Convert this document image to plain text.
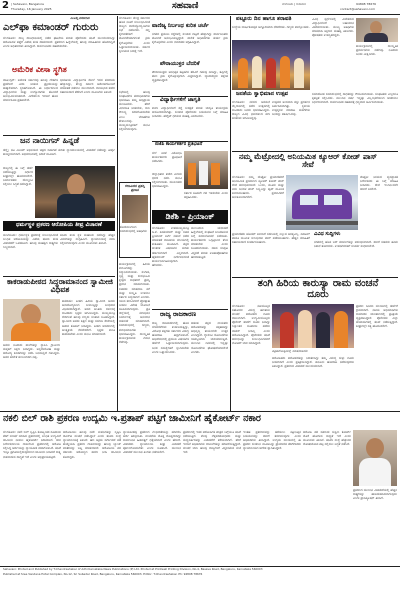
2 | Sahavani, Bangalore
Thursday, 16 January 2025	ಸಹವಾಣಿ	ಬೆಂಗಳೂರು | ಗುರುವಾರ	94808 78676
contact@sahavani.com
ಎಂಎಲ್ಸಿ ವರದಿಗಾರ
ಎಲ್‌ಫಾ ಕಮಾಂಡರ್ ಗುರುರು
ಬೆಂಗಳೂರು: ರಾಜ್ಯ ರಾಜಧಾನಿಯಲ್ಲಿ ನಡೆದ ಘಟನೆಯ ಕುರಿತು ಪೊಲೀಸರು ತನಿಖೆ ಮುಂದುವರಿಸಿದ್ದು ಆರೋಪಿಗಳ ಪತ್ತೆಗೆ ವಿಶೇಷ ತಂಡ ರಚಿಸಲಾಗಿದೆ. ಪ್ರಕರಣದ ಹಿನ್ನೆಲೆಯಲ್ಲಿ ಹಲವು ಮಾಹಿತಿಗಳು ಹೊರಬಿದ್ದಿವೆ ಎಂದು ಅಧಿಕಾರಿಗಳು ತಿಳಿಸಿದ್ದಾರೆ. ಸಾರ್ವಜನಿಕರು ಸಹಕರಿಸಬೇಕು.
ಅಮೆರಿಕ ವೀಸಾ ಸ್ಥಗಿತ
ವಾಷಿಂಗ್ಟನ್: ಅಮೆರಿಕ ಸರ್ಕಾರವು ಹಲವು ದೇಶಗಳ ಪ್ರಜೆಗಳಿಗೆ ವೀಸಾ ನೀಡುವ ಪ್ರಕ್ರಿಯೆಯನ್ನು ತಾತ್ಕಾಲಿಕವಾಗಿ ಸ್ಥಗಿತಗೊಳಿಸಿದೆ. ಈ ನಿರ್ಧಾರದಿಂದ ವಿದ್ಯಾರ್ಥಿಗಳು ಮತ್ತು ಉದ್ಯೋಗಿಗಳು ತೊಂದರೆ ಅನುಭವಿಸುವಂತಾಗಿದೆ. ವಿದೇಶಾಂಗ ಇಲಾಖೆ ಹೊಸ ಮಾರ್ಗಸೂಚಿ ಪ್ರಕಟಿಸಲಿದೆ.
ಭಾರತೀಯ ವಿದ್ಯಾರ್ಥಿಗಳ ಮೇಲೆ ಇದರ ಪರಿಣಾಮ ಹೆಚ್ಚಾಗಿದ್ದು, ಕೇಂದ್ರ ಸರ್ಕಾರ ಅಮೆರಿಕದೊಂದಿಗೆ ಮಾತುಕತೆ ನಡೆಸಲು ಮುಂದಾಗಿದೆ. ರಾಯಭಾರ ಕಚೇರಿ ಸಹಾಯವಾಣಿ ತೆರೆದಿದೆ ಎಂದು ಮೂಲಗಳು ತಿಳಿಸಿವೆ.
ಜನ ನಾಯಿಗನ್ ಹಿನ್ನಡೆ
ಚೆನ್ನೈ: ನಟ ವಿಜಯ್ ಅಭಿನಯದ ಚಿತ್ರದ ಬಿಡುಗಡೆ ಕುರಿತು ನ್ಯಾಯಾಲಯದಲ್ಲಿ ವಿಚಾರಣೆ ನಡೆದಿದ್ದು ತೀರ್ಪು ಕಾಯ್ದಿರಿಸಲಾಗಿದೆ. ಅಭಿಮಾನಿಗಳಲ್ಲಿ ನಿರಾಸೆ ಮೂಡಿದೆ.
ರಾಜ್ಯದಲ್ಲಿ ಈ ಬಗ್ಗೆ ಚರ್ಚೆ ನಡೆಯುತ್ತಿದ್ದು ನಿರ್ಧಾರ ಶೀಘ್ರದಲ್ಲೇ ಹೊರಬೀಳಲಿದೆ. ನಿರ್ಮಾಪಕರು ಮೇಲ್ಮನವಿ ಸಲ್ಲಿಸಲು ಸಿದ್ಧತೆ ನಡೆಸಿದ್ದಾರೆ.
ಧರ್ಮಸ್ಥಳ ಪ್ರಕರಣ ಆರೋಪಿಯ ತೀವ್ರ ವಿಚಾರಣೆ
ಮಂಗಳೂರು: ಧರ್ಮಸ್ಥಳ ಪ್ರಕರಣಕ್ಕೆ ಸಂಬಂಧಿಸಿದಂತೆ ಬಂಧಿತ ಆರೋಪಿಯನ್ನು ವಿಶೇಷ ತನಿಖಾ ತಂಡ ವಿಚಾರಣೆಗೆ ಒಳಪಡಿಸಿದೆ. ಹಲವು ಮಹತ್ವದ ಸಾಕ್ಷ್ಯಗಳು ಲಭ್ಯವಾಗಿವೆ.
ತನಿಖಾ ತಂಡ ಸ್ಥಳ ಮಹಜರು ನಡೆಸಿದ್ದು ಹೆಚ್ಚಿನ ವಿವರಗಳನ್ನು ಸಂಗ್ರಹಿಸಿದೆ. ನ್ಯಾಯಾಲಯಕ್ಕೆ ವರದಿ ಸಲ್ಲಿಸಲಾಗುವುದು ಎಂದು ಮೂಲಗಳು ತಿಳಿಸಿವೆ.
ಕಾಕರಾಡುಪೀಠದ ಸಿದ್ಧರಾಮಾನಂದ ಸ್ವಾಮೀಜಿ ವಿಧಿವಶ
ಕಾಕರಾಡು: ಪೀಠದ ಹಿರಿಯ ಸ್ವಾಮೀಜಿ ಅವರು ಅನಾರೋಗ್ಯದಿಂದ ಬಳಲುತ್ತಿದ್ದು ಬುಧವಾರ ವಿಧಿವಶರಾಗಿದ್ದಾರೆ. ಅವರ ಅಂತಿಮ ದರ್ಶನಕ್ಕೆ ಸಾವಿರಾರು ಭಕ್ತರು ಆಗಮಿಸಿದ್ದರು. ಮುಖ್ಯಮಂತ್ರಿ ಸೇರಿದಂತೆ ಹಲವು ಗಣ್ಯರು ಸಂತಾಪ ಸೂಚಿಸಿದ್ದಾರೆ. ಸ್ವಾಮೀಜಿ ಅವರು ಶಿಕ್ಷಣ ಮತ್ತು ಸಮಾಜ ಸೇವೆಯಲ್ಲಿ ಅಪಾರ ಕೊಡುಗೆ ನೀಡಿದ್ದರು. ಪೀಠದ ಆವರಣದಲ್ಲಿ ಅಂತ್ಯಕ್ರಿಯೆ ನೆರವೇರಲಿದೆ. ಭಕ್ತರು ಶಾಂತಿ ಕಾಪಾಡಬೇಕು ಎಂದು ಮನವಿ ಮಾಡಲಾಗಿದೆ.
ಅವರು ನೂರಾರು ಶಾಲೆಗಳನ್ನು ಸ್ಥಾಪಿಸಿ ಗ್ರಾಮೀಣ ಮಕ್ಕಳಿಗೆ ಶಿಕ್ಷಣ ನೀಡಿದ್ದರು. ಅನ್ನದಾಸೋಹ ಮತ್ತು ಆರೋಗ್ಯ ಶಿಬಿರಗಳನ್ನು ನಡೆಸಿ ಜನಮನ್ನಣೆ ಗಳಿಸಿದ್ದರು. ಅವರ ಅಗಲಿಕೆ ತುಂಬಲಾರದ ನಷ್ಟ.
ವಾಣಿಜ್ಯ ನಿರ್ಬಂಧ ಕುರಿತ ಚರ್ಚೆ
ಬೆಂಗಳೂರು: ಕೇಂದ್ರ ಸರ್ಕಾರದ ಹೊಸ ನೀತಿಗೆ ಸಂಬಂಧಿಸಿದಂತೆ ರಾಜ್ಯದ ವಾಣಿಜ್ಯೋದ್ಯಮಿಗಳು ಸಭೆ ನಡೆಸಿದರು. ಸಣ್ಣ ಕೈಗಾರಿಕೆಗಳಿಗೆ ತೊಂದರೆಯಾಗದಂತೆ ಕ್ರಮ ಕೈಗೊಳ್ಳಬೇಕು ಎಂದು ಒತ್ತಾಯಿಸಲಾಯಿತು. ಸರ್ಕಾರ ಸ್ಪಂದಿಸುವ ನಿರೀಕ್ಷೆ ಇದೆ.
ಸಭೆಯಲ್ಲಿ ಹಲವು ಸಂಘಟನೆಗಳ ಪದಾಧಿಕಾರಿಗಳು ಭಾಗವಹಿಸಿ ತಮ್ಮ ಅಭಿಪ್ರಾಯ ಮಂಡಿಸಿದರು. ತೆರಿಗೆ ವಿನಾಯಿತಿ ನೀಡಬೇಕು, ಸಾಲ ಸೌಲಭ್ಯ ಸರಳಗೊಳಿಸಬೇಕು ಎಂಬ ಬೇಡಿಕೆಗಳು ಕೇಳಿಬಂದವು. ಮುಖ್ಯಮಂತ್ರಿಗಳಿಗೆ ಮನವಿ ಸಲ್ಲಿಸಲಾಗುವುದು.
ಕಲಾವಿದರ ಪ್ರಶಸ್ತಿ ಪ್ರದಾನ
ಕೋರಮಂಗಲದ ಸಮಾರಂಭದಲ್ಲಿ ಅತಿಥಿಗಳು
ಕಾರ್ಯಕ್ರಮದಲ್ಲಿ ಹಿರಿಯ ಕಲಾವಿದರನ್ನು ಸನ್ಮಾನಿಸಲಾಯಿತು. ಸಂಗೀತ, ನೃತ್ಯ ಮತ್ತು ರಂಗಭೂಮಿ ಕ್ಷೇತ್ರದ ಸಾಧಕರಿಗೆ ಪ್ರಶಸ್ತಿ ಪ್ರದಾನ ಮಾಡಲಾಯಿತು. ಸಚಿವರು ಮಾತನಾಡಿ ಕಲೆ ಮತ್ತು ಸಂಸ್ಕೃತಿ ಉಳಿಸಲು ಸರ್ಕಾರ ಬದ್ಧವಾಗಿದೆ ಎಂದರು. ಯುವ ಕಲಾವಿದರಿಗೆ ಪ್ರೋತ್ಸಾಹ ನೀಡಲು ವಿಶೇಷ ಯೋಜನೆ ರೂಪಿಸಲಾಗುವುದು. ಪ್ರತಿ ಜಿಲ್ಲೆಯಲ್ಲಿ ಕಲಾಭವನ ನಿರ್ಮಾಣಕ್ಕೆ ಅನುದಾನ ಬಿಡುಗಡೆ ಮಾಡಲಾಗಿದೆ. ಸಮಾರಂಭದಲ್ಲಿ ಗಣ್ಯರು, ಕಲಾಭಿಮಾನಿಗಳು ಭಾಗವಹಿಸಿದ್ದರು. ಸಾಂಸ್ಕೃತಿಕ ಕಾರ್ಯಕ್ರಮಗಳು ಗಮನ ಸೆಳೆದವು.
ನಗರದ ಪ್ರಮುಖ ರಸ್ತೆಗಳಲ್ಲಿ ಸಂಚಾರ ದಟ್ಟಣೆ ಹೆಚ್ಚಾಗಿದ್ದು ಸಾರ್ವಜನಿಕರು ತೊಂದರೆ ಅನುಭವಿಸುತ್ತಿದ್ದಾರೆ. ಪಾಲಿಕೆ ಅಧಿಕಾರಿಗಳು ತುರ್ತು ಕ್ರಮ ಕೈಗೊಳ್ಳಬೇಕು ಎಂದು ನಾಗರಿಕರು ಆಗ್ರಹಿಸಿದ್ದಾರೆ.
ಪೌರಾಯುಕ್ತರ ಬೆದರಿಕೆ
ಪೌರಾಯುಕ್ತರು ಅನಧಿಕೃತ ಕಟ್ಟಡಗಳ ತೆರವಿಗೆ ಗಡುವು ನೀಡಿದ್ದು, ತಪ್ಪಿದಲ್ಲಿ ಕಠಿಣ ಕ್ರಮ ಕೈಗೊಳ್ಳುವುದಾಗಿ ಎಚ್ಚರಿಸಿದ್ದಾರೆ. ವ್ಯಾಪಾರಸ್ಥರು ಆಕ್ಷೇಪ ವ್ಯಕ್ತಪಡಿಸಿದ್ದಾರೆ.
ವಿದ್ಯಾರ್ಥಿಗಳಿಗೆ ಜಾಗೃತಿ
ಶಾಲಾ ವಿದ್ಯಾರ್ಥಿಗಳಿಗೆ ರಸ್ತೆ ಸುರಕ್ಷತೆ ಕುರಿತು ಜಾಗೃತಿ ಕಾರ್ಯಕ್ರಮ ಆಯೋಜಿಸಲಾಗಿತ್ತು. ಸಂಚಾರ ಪೊಲೀಸರು ನಿಯಮಗಳ ಬಗ್ಗೆ ಮಾಹಿತಿ ನೀಡಿದರು. ಹೆಲ್ಮೆಟ್ ಧರಿಸುವ ಮಹತ್ವ ವಿವರಿಸಿದರು.
ಬಿಜೆಪಿ ಕಾರ್ಯಕರ್ತರ ಪ್ರತಿಭಟನೆ
ಬೆಲೆ ಏರಿಕೆ ವಿರೋಧಿಸಿ ಕಾರ್ಯಕರ್ತರು ಪ್ರತಿಭಟನೆ ನಡೆಸಿದರು.
ಜಿಲ್ಲಾಧಿಕಾರಿ ಕಚೇರಿ ಎದುರು ಧರಣಿ ನಡೆಸಿ ಮನವಿ ಸಲ್ಲಿಸಲಾಯಿತು. ಮುಖಂಡರು ಭಾಗವಹಿಸಿದ್ದರು.
ಸರ್ಕಾರ ಕೂಡಲೇ ದರ ಇಳಿಸಬೇಕು ಎಂದು ಆಗ್ರಹಿಸಿದರು.
ಡಿಕೆಶಿ - ಪ್ರಿಯಾಂಕ್
ಬೆಂಗಳೂರು: ಉಪಮುಖ್ಯಮಂತ್ರಿ ಡಿ.ಕೆ. ಶಿವಕುಮಾರ್ ಮತ್ತು ಸಚಿವ ಪ್ರಿಯಾಂಕ್ ಖರ್ಗೆ ನಡುವೆ ನಡೆದ ಮಾತುಕತೆ ರಾಜಕೀಯ ವಲಯದಲ್ಲಿ ಕುತೂಹಲ ಮೂಡಿಸಿದೆ. ಪಕ್ಷದ ಆಂತರಿಕ ವಿಷಯಗಳ ಕುರಿತು ಚರ್ಚಿಸಲಾಗಿದೆ ಎನ್ನಲಾಗಿದೆ. ಹೈಕಮಾಂಡ್ ನಿರ್ದೇಶನದಂತೆ ಕಾರ್ಯನಿರ್ವಹಿಸುವುದಾಗಿ ಹೇಳಿದರು.
ಮುಂಬರುವ ಚುನಾವಣೆ ಹಿನ್ನೆಲೆಯಲ್ಲಿ ಸಂಘಟನೆ ಬಲಪಡಿಸುವ ಬಗ್ಗೆ ಸಮಾಲೋಚನೆ ನಡೆಯಿತು. ಕಾರ್ಯಕರ್ತರು ಒಗ್ಗಟ್ಟಿನಿಂದ ಕೆಲಸ ಮಾಡಬೇಕು ಎಂದು ಸೂಚಿಸಲಾಯಿತು. ಸಚಿವ ಸಂಪುಟ ವಿಸ್ತರಣೆ ಕುರಿತು ಊಹಾಪೋಹಗಳು ಹರಿದಾಡುತ್ತಿವೆ.
ರಾಜ್ಯ ರಾಜಕಾರಣ
ರಾಜ್ಯ ರಾಜಕಾರಣದಲ್ಲಿ ಹೊಸ ಬೆಳವಣಿಗೆಗಳು ಕಂಡುಬರುತ್ತಿದ್ದು, ವಿರೋಧ ಪಕ್ಷಗಳು ಸರ್ಕಾರದ ವಿರುದ್ಧ ಹೋರಾಟ ತೀವ್ರಗೊಳಿಸಿವೆ. ಅಧಿವೇಶನದಲ್ಲಿ ಪ್ರಮುಖ ವಿಷಯಗಳ ಚರ್ಚೆಗೆ ಒತ್ತಾಯಿಸಲಾಗುವುದು. ಜನರ ಸಮಸ್ಯೆಗಳಿಗೆ ಸ್ಪಂದಿಸಬೇಕು ಎಂದು ಒತ್ತಾಯಿಸಿದರು.
ಆಡಳಿತ ಪಕ್ಷದ ನಾಯಕರು ಆರೋಪಗಳನ್ನು ತಳ್ಳಿಹಾಕಿದ್ದು ಅಭಿವೃದ್ಧಿ ಕಾರ್ಯಗಳೇ ಉತ್ತರ ಎಂದಿದ್ದಾರೆ. ಗ್ಯಾರಂಟಿ ಯೋಜನೆಗಳು ಯಶಸ್ವಿಯಾಗಿ ಜಾರಿಯಾಗುತ್ತಿವೆ. ಮುಂದಿನ ದಿನಗಳಲ್ಲಿ ಇನ್ನಷ್ಟು ಯೋಜನೆಗಳು ಘೋಷಣೆಯಾಗಲಿವೆ ಎಂದರು.
ಪಟ್ಟೂರು ದಿನ ಹಾಗೂ ಶರಾವತಿ
ಸಂಸ್ಥೆಯ ವಾರ್ಷಿಕೋತ್ಸವ ಅದ್ದೂರಿಯಾಗಿ ನೆರವೇರಿತು. ಗಣ್ಯರು ಪಾಲ್ಗೊಂಡರು.
ವಿವಿಧ ಸ್ಪರ್ಧೆಗಳಲ್ಲಿ ವಿಜೇತರಾದ ವಿದ್ಯಾರ್ಥಿಗಳಿಗೆ ಬಹುಮಾನ ವಿತರಿಸಲಾಯಿತು. ಮುಖ್ಯ ಅತಿಥಿಗಳು ಮಾತನಾಡಿ ಶಿಕ್ಷಣದ ಮಹತ್ವ ತಿಳಿಸಿದರು. ಪೋಷಕರು ಉಪಸ್ಥಿತರಿದ್ದರು.
ಕಾರ್ಯಕ್ರಮದಲ್ಲಿ ಸಾಂಸ್ಕೃತಿಕ ಪ್ರದರ್ಶನಗಳು ನಡೆದವು. ನೂರಾರು ಜನರು ವೀಕ್ಷಿಸಿದರು.
ಜನತೆಯ ಸ್ವಾಭಿಮಾನ ಉತ್ಸವ
ಬೆಂಗಳೂರು: ನಗರದ ಅರಮನೆ ಮೈದಾನದಲ್ಲಿ ನಡೆದ ಉತ್ಸವದಲ್ಲಿ ಸಾವಿರಾರು ಜನರು ಭಾಗವಹಿಸಿದ್ದರು. ರಾಜ್ಯದ ವಿವಿಧ ಭಾಗಗಳಿಂದ ಕಲಾ ತಂಡಗಳು ಆಗಮಿಸಿದ್ದವು.
ಉತ್ಸವದ ಅಂಗವಾಗಿ ವಸ್ತು ಪ್ರದರ್ಶನ ಏರ್ಪಡಿಸಲಾಗಿತ್ತು. ಸ್ಥಳೀಯ ಉತ್ಪನ್ನಗಳ ಮಾರಾಟ ಮಳಿಗೆಗಳು ಜನರನ್ನು ಆಕರ್ಷಿಸಿದವು.
ಸಮಾರೋಪ ಸಮಾರಂಭದಲ್ಲಿ ಸಾಧಕರನ್ನು ಗೌರವಿಸಲಾಯಿತು. ಸಂಘಟಕರು ಎಲ್ಲರಿಗೂ ಕೃತಜ್ಞತೆ ಸಲ್ಲಿಸಿದರು. ಮುಂದಿನ ವರ್ಷ ಇನ್ನಷ್ಟು ವಿಜೃಂಭಣೆಯಿಂದ ಆಚರಿಸಲು ನಿರ್ಧರಿಸಲಾಗಿದೆ. ಸಾರ್ವಜನಿಕರ ಸಹಕಾರಕ್ಕೆ ಧನ್ಯವಾದ ಅರ್ಪಿಸಲಾಯಿತು.
ನಮ್ಮ ಮೆಟ್ರೋದಲ್ಲಿ ಅನಿಯಮಿತ ಕ್ಯೂಆರ್ ಕೋಡ್ ಪಾಸ್ ಸೇವೆ
ಬೆಂಗಳೂರು: ನಮ್ಮ ಮೆಟ್ರೋ ಪ್ರಯಾಣಿಕರಿಗೆ ಅನಿಯಮಿತ ಪ್ರಯಾಣದ ಕ್ಯೂಆರ್ ಕೋಡ್ ಪಾಸ್ ಸೇವೆ ಆರಂಭಿಸಲಾಗಿದೆ. ಒಂದು, ಮೂರು ಮತ್ತು ಐದು ದಿನಗಳ ಪಾಸ್ ಲಭ್ಯವಿದ್ದು ಆ್ಯಪ್ ಮೂಲಕ ಖರೀದಿಸಬಹುದು. ಪ್ರವಾಸಿಗರಿಗೆ ಅನುಕೂಲವಾಗಲಿದೆ.
ಮೆಟ್ರೋ ನಿಗಮದ ವ್ಯವಸ್ಥಾಪಕ ನಿರ್ದೇಶಕರು ಈ ಬಗ್ಗೆ ಮಾಹಿತಿ ನೀಡಿದರು. ಸೇವೆ ಇಂದಿನಿಂದಲೇ ಜಾರಿಗೆ ಬರಲಿದೆ.
ಪ್ರಯಾಣಿಕರು ಟೋಕನ್ ಖರೀದಿಗೆ ಸರದಿಯಲ್ಲಿ ನಿಲ್ಲುವ ಅಗತ್ಯವಿಲ್ಲ. ಡಿಜಿಟಲ್ ಪಾವತಿ ಮೂಲಕ ಸುಲಭವಾಗಿ ಪಾಸ್ ಪಡೆಯಬಹುದು. ಹೆಚ್ಚಿನ ಮಾಹಿತಿಗೆ ಸಹಾಯವಾಣಿ ಸಂಪರ್ಕಿಸಬಹುದು.
ವಿವಿಧ ಸುದ್ದಿಗಳು
ನಗರದಲ್ಲಿ ಹೊಸ ಬಸ್ ಮಾರ್ಗಗಳನ್ನು ಆರಂಭಿಸಲಾಗಿದೆ. ಸಾರಿಗೆ ಸಚಿವರು ಹಸಿರು ನಿಶಾನೆ ತೋರಿದರು. ಉಪನಗರಗಳಿಗೆ ಸಂಪರ್ಕ ಸುಧಾರಿಸಲಿದೆ.
ತಂಗಿ ಹಿರಿಯ ಕಾರುಸ್ಯಾ ರಾಮ ವಂಚನೆ ದೂರು
ಬೆಂಗಳೂರು: ನಟಿಯೊಬ್ಬರ ಸಹೋದರಿ ವಿರುದ್ಧ ಹಣಕಾಸು ವಂಚನೆ ಆರೋಪದ ದೂರು ದಾಖಲಾಗಿದೆ. ಉದ್ಯಮಿಯೊಬ್ಬರು ಪೊಲೀಸ್ ಠಾಣೆಗೆ ದೂರು ನೀಡಿದ್ದು ಲಕ್ಷಾಂತರ ರೂಪಾಯಿ ಪಡೆದು ವಾಪಸ್ ನೀಡಿಲ್ಲ ಎಂದು ಆರೋಪಿಸಿದ್ದಾರೆ. ಪೊಲೀಸರು ತನಿಖೆ ಆರಂಭಿಸಿದ್ದು ಸಂಬಂಧಿಸಿದವರಿಗೆ ನೋಟಿಸ್ ಜಾರಿ ಮಾಡಿದ್ದಾರೆ.
ಪತ್ರಿಕಾಗೋಷ್ಠಿಯಲ್ಲಿ ಮಾತನಾಡಿದರು
ಆರೋಪಿತರು ಆರೋಪಗಳನ್ನು ನಿರಾಕರಿಸಿದ್ದು ತಮ್ಮ ವಿರುದ್ಧ ಸುಳ್ಳು ದೂರು ನೀಡಲಾಗಿದೆ ಎಂದು ಪ್ರತಿಕ್ರಿಯಿಸಿದ್ದಾರೆ. ಕಾನೂನು ಹೋರಾಟ ನಡೆಸುವುದಾಗಿ ತಿಳಿಸಿದ್ದಾರೆ. ಪ್ರಕರಣದ ವಿಚಾರಣೆ ಮುಂದುವರಿದಿದೆ.
ಪ್ರಕರಣ ಸಿನಿಮಾ ವಲಯದಲ್ಲಿ ಚರ್ಚೆಗೆ ಗ್ರಾಸವಾಗಿದೆ. ನಟಿಯ ಅಭಿಮಾನಿಗಳು ಸಾಮಾಜಿಕ ಜಾಲತಾಣದಲ್ಲಿ ಪ್ರತಿಕ್ರಿಯೆ ವ್ಯಕ್ತಪಡಿಸಿದ್ದಾರೆ. ಪೊಲೀಸರು ಎಲ್ಲಾ ಆಯಾಮಗಳಲ್ಲಿ ತನಿಖೆ ನಡೆಸುತ್ತಿದ್ದಾರೆ. ಶೀಘ್ರದಲ್ಲೇ ಸತ್ಯ ಹೊರಬರಲಿದೆ.
ನಕಲಿ ಬಿಲ್ ರಾಶಿ ಪ್ರಕರಣ ಉದ್ಯಮಿ ಇ.ಪ್ರತಾಪ್ ಪಟ್ಟಿಗೆ ಜಾಮೀನಿಗೆ ಹೈಕೋರ್ಟ್ ನಕಾರ
ಬೆಂಗಳೂರು: ನಕಲಿ ಬಿಲ್ ಸೃಷ್ಟಿಸಿ ಕೋಟ್ಯಂತರ ರೂಪಾಯಿ ತೆರಿಗೆ ವಂಚನೆ ಮಾಡಿದ ಪ್ರಕರಣದಲ್ಲಿ ಬಂಧಿತ ಉದ್ಯಮಿಗೆ ಜಾಮೀನು ನೀಡಲು ಹೈಕೋರ್ಟ್ ನಿರಾಕರಿಸಿದೆ. ಜಾರಿ ನಿರ್ದೇಶನಾಲಯ ದಾಖಲಿಸಿದ ಪ್ರಕರಣದಲ್ಲಿ ಆರೋಪಿ ಸಲ್ಲಿಸಿದ್ದ ಅರ್ಜಿಯನ್ನು ನ್ಯಾಯಪೀಠ ವಜಾಗೊಳಿಸಿದೆ. ತನಿಖೆ ಇನ್ನೂ ಪ್ರಗತಿಯಲ್ಲಿರುವುದರಿಂದ ಜಾಮೀನು ನೀಡಿದರೆ ಸಾಕ್ಷ್ಯ ನಾಶವಾಗುವ ಸಾಧ್ಯತೆ ಇದೆ ಎಂದು ಅಭಿಪ್ರಾಯಪಟ್ಟಿದೆ.
ಆರೋಪಿಯು ಹಲವು ನಕಲಿ ಕಂಪನಿಗಳನ್ನು ಸೃಷ್ಟಿಸಿ ಜಿಎಸ್‌ಟಿ ವಂಚನೆ ನಡೆಸಿದ್ದಾನೆ ಎಂದು ತನಿಖಾ ಸಂಸ್ಥೆ ನ್ಯಾಯಾಲಯಕ್ಕೆ ತಿಳಿಸಿದೆ. ಹಣ ಅಕ್ರಮ ವರ್ಗಾವಣೆ ತಡೆ ಕಾಯ್ದೆಯಡಿ ಪ್ರಕರಣ ದಾಖಲಾಗಿದ್ದು ಹಲವು ಬ್ಯಾಂಕ್ ಖಾತೆಗಳನ್ನು ಜಪ್ತಿ ಮಾಡಲಾಗಿದೆ. ಆರೋಪಿಯ ಪರ ವಕೀಲರು ಆರೋಗ್ಯದ ಕಾರಣ ನೀಡಿ ಜಾಮೀನು ಕೋರಿದ್ದರು.
ನ್ಯಾಯಪೀಠವು ಪ್ರಕರಣದ ಗಂಭೀರತೆಯನ್ನು ಪರಿಗಣಿಸಿ ಅರ್ಜಿ ತಿರಸ್ಕರಿಸಿತು. ವಂಚನೆಯ ಮೊತ್ತ ದೊಡ್ಡದಾಗಿದ್ದು ಸಾರ್ವಜನಿಕ ಹಿತಾಸಕ್ತಿಗೆ ಧಕ್ಕೆಯಾಗಿದೆ ಎಂದು ಹೇಳಿದೆ. ವಿಚಾರಣಾ ನ್ಯಾಯಾಲಯ ಶೀಘ್ರ ವಿಚಾರಣೆ ಪೂರ್ಣಗೊಳಿಸಬೇಕು ಎಂದು ಸೂಚಿಸಿದೆ. ಮುಂದಿನ ವಿಚಾರಣೆ ಮುಂದಿನ ತಿಂಗಳು ನಡೆಯಲಿದೆ.
ಪ್ರಕರಣದಲ್ಲಿ ಇತರ ಆರೋಪಿಗಳ ಪಾತ್ರದ ಬಗ್ಗೆಯೂ ತನಿಖೆ ನಡೆಯುತ್ತಿದೆ. ಕೆಲವು ಲೆಕ್ಕಪರಿಶೋಧಕರು ಮತ್ತು ಮಧ್ಯವರ್ತಿಗಳನ್ನು ವಿಚಾರಣೆಗೆ ಕರೆಯಲಾಗಿದೆ. ತೆರಿಗೆ ಇಲಾಖೆ ಅಧಿಕಾರಿಗಳು ದಾಖಲೆಗಳನ್ನು ಪರಿಶೀಲಿಸುತ್ತಿದ್ದಾರೆ. ವಂಚನೆ ಜಾಲ ಹಲವು ರಾಜ್ಯಗಳಿಗೆ ವಿಸ್ತರಿಸಿರುವ ಶಂಕೆ ಇದೆ.
ಇಂತಹ ಪ್ರಕರಣಗಳನ್ನು ತಡೆಯಲು ಕಟ್ಟುನಿಟ್ಟಿನ ನಿಯಮಗಳನ್ನು ಜಾರಿಗೆ ತರಲಾಗುವುದು ಎಂದು ಅಧಿಕಾರಿಗಳು ತಿಳಿಸಿದ್ದಾರೆ. ಉದ್ಯಮ ವಲಯದಲ್ಲಿ ಈ ಪ್ರಕರಣ ಸಂಚಲನ ಮೂಡಿಸಿದ್ದು ಪ್ರಾಮಾಣಿಕ ತೆರಿಗೆದಾರರು ನ್ಯಾಯಾಲಯದ ಆದೇಶ ಸ್ವಾಗತಿಸಿದ್ದಾರೆ.
ಆರೋಪಿ ಪರ ವಕೀಲರು ಸುಪ್ರೀಂ ಕೋರ್ಟ್ ಮೊರೆ ಹೋಗುವ ಸಾಧ್ಯತೆ ಇದೆ ಎಂದು ಮೂಲಗಳು ತಿಳಿಸಿವೆ. ತನಿಖಾ ಸಂಸ್ಥೆ ಹೆಚ್ಚುವರಿ ದೋಷಾರೋಪ ಪಟ್ಟಿ ಸಲ್ಲಿಸಲು ಸಿದ್ಧತೆ ನಡೆಸಿದೆ.
ಪ್ರಕರಣದ ಮುಂದಿನ ವಿಚಾರಣೆಯಲ್ಲಿ ಹೆಚ್ಚಿನ ಸಾಕ್ಷ್ಯಗಳನ್ನು ಹಾಜರುಪಡಿಸಲಾಗುವುದು ಎಂದು ಪ್ರಾಸಿಕ್ಯೂಷನ್ ತಿಳಿಸಿದೆ.
Sahavani: Printed and Published by T.Chandrashekar of Adhi Karnataka News Publications (P) Ltd. Printed at Printwell Printing Division, No.4, Basava Road, Bengaluru, Karnataka 560003
Published at Sree Vandana Hotel Complex, No.12, Sri Subedar Road, Bengaluru, Karnataka 560003. Editor: T.Chandrashekar. Ph: 94808 78676
